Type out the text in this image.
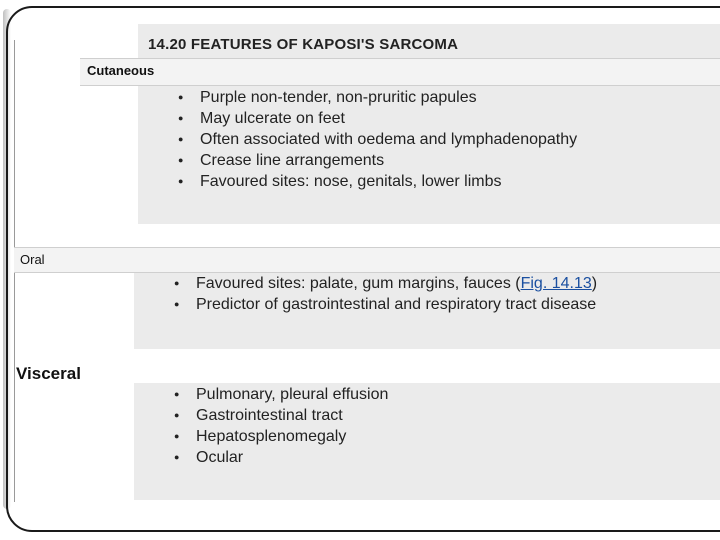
14.20 FEATURES OF KAPOSI'S SARCOMA
Cutaneous
● Purple non-tender, non-pruritic papules
● May ulcerate on feet
● Often associated with oedema and lymphadenopathy
● Crease line arrangements
● Favoured sites: nose, genitals, lower limbs
Oral
● Favoured sites: palate, gum margins, fauces (Fig. 14.13)
● Predictor of gastrointestinal and respiratory tract disease
Visceral
● Pulmonary, pleural effusion
● Gastrointestinal tract
● Hepatosplenomegaly
● Ocular
